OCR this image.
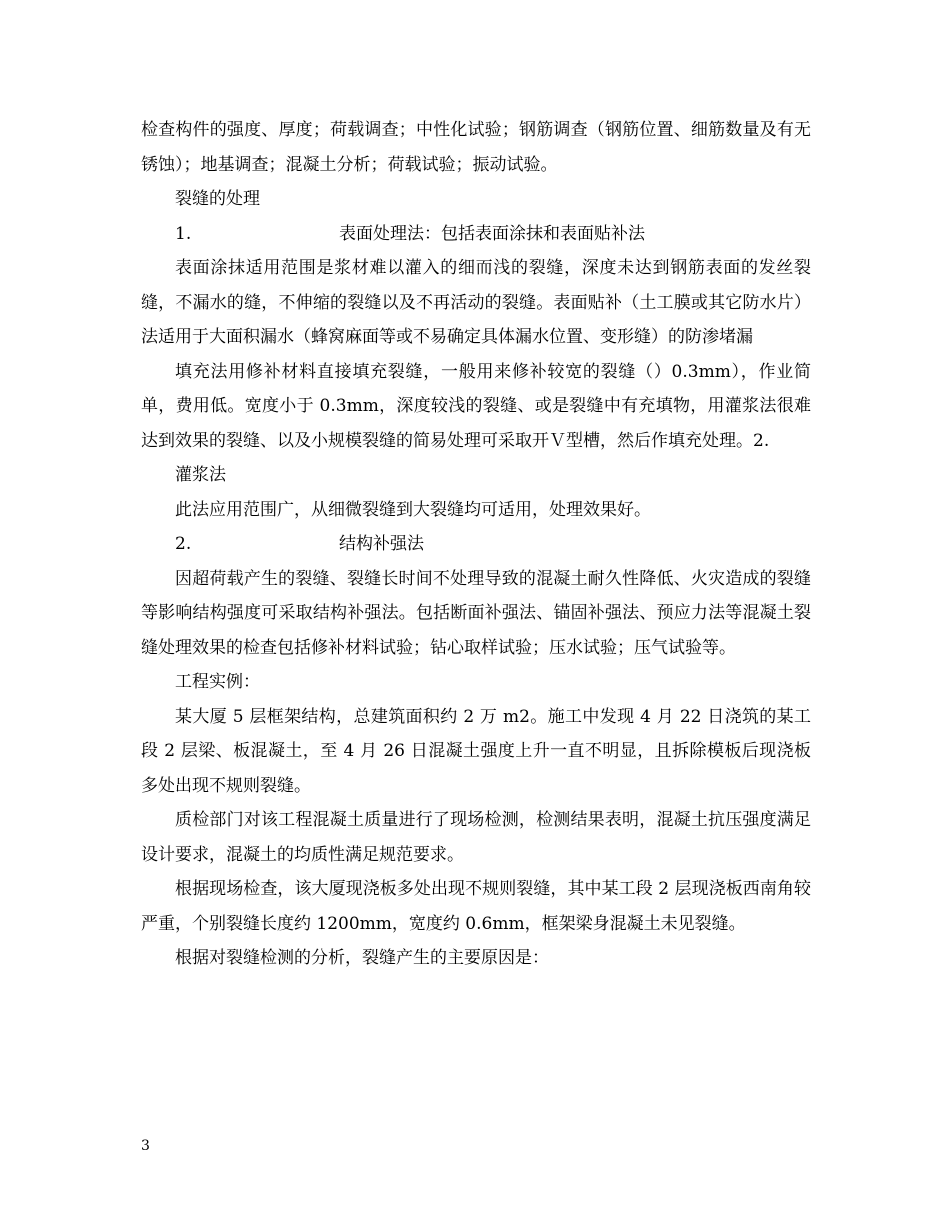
检查构件的强度、厚度；荷载调查；中性化试验；钢筋调查（钢筋位置、细筋数量及有无锈蚀）；地基调查；混凝土分析；荷载试验；振动试验。

裂缝的处理

1.	表面处理法：包括表面涂抹和表面贴补法

表面涂抹适用范围是浆材难以灌入的细而浅的裂缝，深度未达到钢筋表面的发丝裂缝，不漏水的缝，不伸缩的裂缝以及不再活动的裂缝。表面贴补（土工膜或其它防水片）法适用于大面积漏水（蜂窝麻面等或不易确定具体漏水位置、变形缝）的防渗堵漏

填充法用修补材料直接填充裂缝，一般用来修补较宽的裂缝（）0.3mm），作业简单，费用低。宽度小于 0.3mm，深度较浅的裂缝、或是裂缝中有充填物，用灌浆法很难达到效果的裂缝、以及小规模裂缝的简易处理可采取开Ｖ型槽，然后作填充处理。2.

灌浆法

此法应用范围广，从细微裂缝到大裂缝均可适用，处理效果好。

2.	结构补强法

因超荷载产生的裂缝、裂缝长时间不处理导致的混凝土耐久性降低、火灾造成的裂缝等影响结构强度可采取结构补强法。包括断面补强法、锚固补强法、预应力法等混凝土裂缝处理效果的检查包括修补材料试验；钻心取样试验；压水试验；压气试验等。

工程实例：

某大厦 5 层框架结构，总建筑面积约 2 万 m2。施工中发现 4 月 22 日浇筑的某工段 2 层梁、板混凝土，至 4 月 26 日混凝土强度上升一直不明显，且拆除模板后现浇板多处出现不规则裂缝。

质检部门对该工程混凝土质量进行了现场检测，检测结果表明，混凝土抗压强度满足设计要求，混凝土的均质性满足规范要求。

根据现场检查，该大厦现浇板多处出现不规则裂缝，其中某工段 2 层现浇板西南角较严重，个别裂缝长度约 1200mm，宽度约 0.6mm，框架梁身混凝土未见裂缝。

根据对裂缝检测的分析，裂缝产生的主要原因是：

3
